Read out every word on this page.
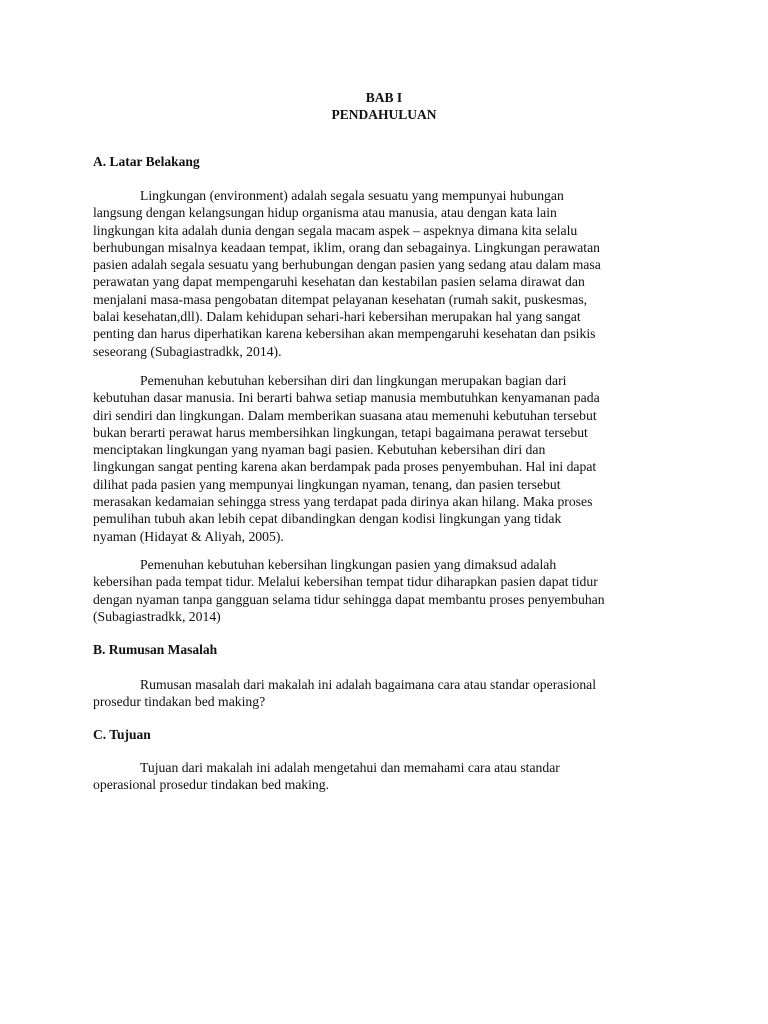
BAB I

PENDAHULUAN

A. Latar Belakang

Lingkungan (environment) adalah segala sesuatu yang mempunyai hubungan
langsung dengan kelangsungan hidup organisma atau manusia, atau dengan kata lain
lingkungan kita adalah dunia dengan segala macam aspek – aspeknya dimana kita selalu
berhubungan misalnya keadaan tempat, iklim, orang dan sebagainya. Lingkungan perawatan
pasien adalah segala sesuatu yang berhubungan dengan pasien yang sedang atau dalam masa
perawatan yang dapat mempengaruhi kesehatan dan kestabilan pasien selama dirawat dan
menjalani masa-masa pengobatan ditempat pelayanan kesehatan (rumah sakit, puskesmas,
balai kesehatan,dll). Dalam kehidupan sehari-hari kebersihan merupakan hal yang sangat
penting dan harus diperhatikan karena kebersihan akan mempengaruhi kesehatan dan psikis
seseorang (Subagiastradkk, 2014).
Pemenuhan kebutuhan kebersihan diri dan lingkungan merupakan bagian dari
kebutuhan dasar manusia. Ini berarti bahwa setiap manusia membutuhkan kenyamanan pada
diri sendiri dan lingkungan. Dalam memberikan suasana atau memenuhi kebutuhan tersebut
bukan berarti perawat harus membersihkan lingkungan, tetapi bagaimana perawat tersebut
menciptakan lingkungan yang nyaman bagi pasien. Kebutuhan kebersihan diri dan
lingkungan sangat penting karena akan berdampak pada proses penyembuhan. Hal ini dapat
dilihat pada pasien yang mempunyai lingkungan nyaman, tenang, dan pasien tersebut
merasakan kedamaian sehingga stress yang terdapat pada dirinya akan hilang. Maka proses
pemulihan tubuh akan lebih cepat dibandingkan dengan kodisi lingkungan yang tidak
nyaman (Hidayat & Aliyah, 2005).
Pemenuhan kebutuhan kebersihan lingkungan pasien yang dimaksud adalah
kebersihan pada tempat tidur. Melalui kebersihan tempat tidur diharapkan pasien dapat tidur
dengan nyaman tanpa gangguan selama tidur sehingga dapat membantu proses penyembuhan
(Subagiastradkk, 2014)

B. Rumusan Masalah

Rumusan masalah dari makalah ini adalah bagaimana cara atau standar operasional
prosedur tindakan bed making?

C. Tujuan

Tujuan dari makalah ini adalah mengetahui dan memahami cara atau standar
operasional prosedur tindakan bed making.
